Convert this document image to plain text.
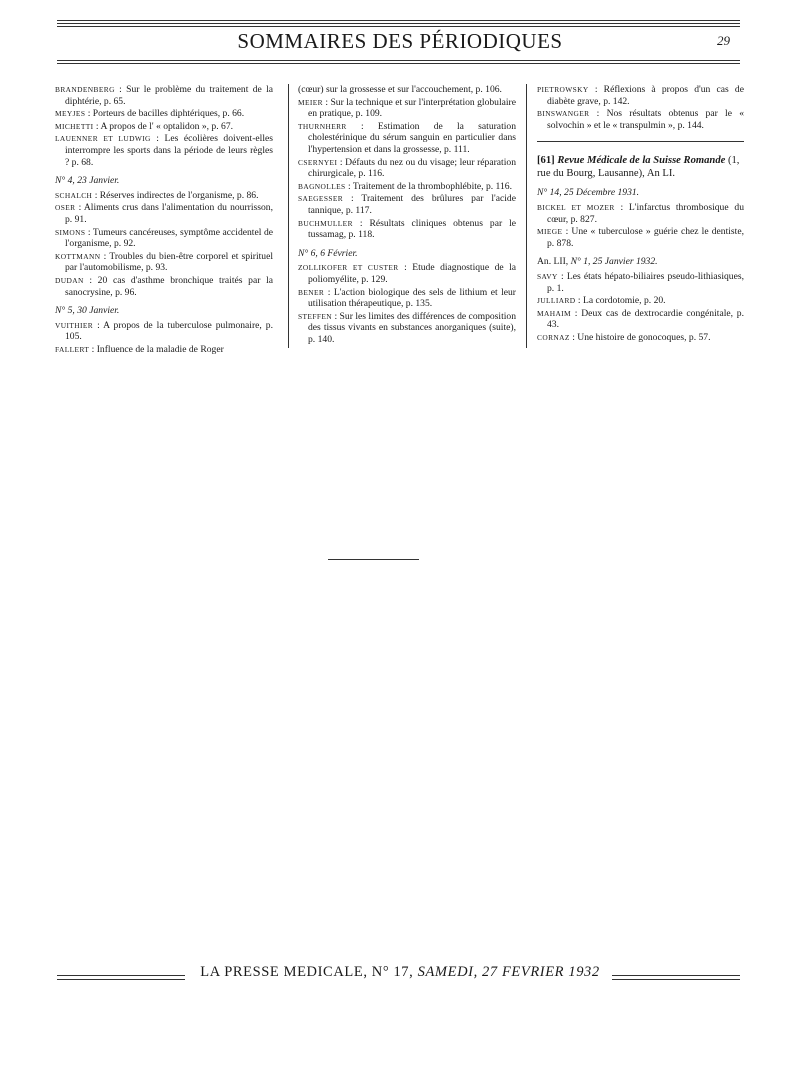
SOMMAIRES DES PÉRIODIQUES	29

BRANDENBERG : Sur le problème du traitement de la diphtérie, p. 65.

MEYJES : Porteurs de bacilles diphtériques, p. 66.

MICHETTI : A propos de l' « optalidon », p. 67.

LAUENNER ET LUDWIG : Les écolières doivent-elles interrompre les sports dans la période de leurs règles ? p. 68.

N° 4, 23 Janvier.

SCHALCH : Réserves indirectes de l'organisme, p. 86.

OSER : Aliments crus dans l'alimentation du nourrisson, p. 91.

SIMONS : Tumeurs cancéreuses, symptôme accidentel de l'organisme, p. 92.

KOTTMANN : Troubles du bien-être corporel et spirituel par l'automobilisme, p. 93.

DUDAN : 20 cas d'asthme bronchique traités par la sanocrysine, p. 96.

N° 5, 30 Janvier.

VUITHIER : A propos de la tuberculose pulmonaire, p. 105.

FALLERT : Influence de la maladie de Roger

(cœur) sur la grossesse et sur l'accouchement, p. 106.

MEIER : Sur la technique et sur l'interprétation globulaire en pratique, p. 109.

THURNHERR : Estimation de la saturation cholestérinique du sérum sanguin en particulier dans l'hypertension et dans la grossesse, p. 111.

CSERNYEI : Défauts du nez ou du visage; leur réparation chirurgicale, p. 116.

BAGNOLLES : Traitement de la thrombophlébite, p. 116.

SAEGESSER : Traitement des brûlures par l'acide tannique, p. 117.

BUCHMULLER : Résultats cliniques obtenus par le tussamag, p. 118.

N° 6, 6 Février.

ZOLLIKOFER ET CUSTER : Etude diagnostique de la poliomyélite, p. 129.

BENER : L'action biologique des sels de lithium et leur utilisation thérapeutique, p. 135.

STEFFEN : Sur les limites des différences de composition des tissus vivants en substances anorganiques (suite), p. 140.

PIETROWSKY : Réflexions à propos d'un cas de diabète grave, p. 142.

BINSWANGER : Nos résultats obtenus par le « solvochin » et le « transpulmin », p. 144.

[61] Revue Médicale de la Suisse Romande (1, rue du Bourg, Lausanne), An LI.

N° 14, 25 Décembre 1931.

BICKEL ET MOZER : L'infarctus thrombosique du cœur, p. 827.

MIEGE : Une « tuberculose » guérie chez le dentiste, p. 878.

An. LII, N° 1, 25 Janvier 1932.

SAVY : Les états hépato-biliaires pseudo-lithiasiques, p. 1.

JULLIARD : La cordotomie, p. 20.

MAHAIM : Deux cas de dextrocardie congénitale, p. 43.

CORNAZ : Une histoire de gonocoques, p. 57.

LA PRESSE MEDICALE, N° 17, SAMEDI, 27 FEVRIER 1932
